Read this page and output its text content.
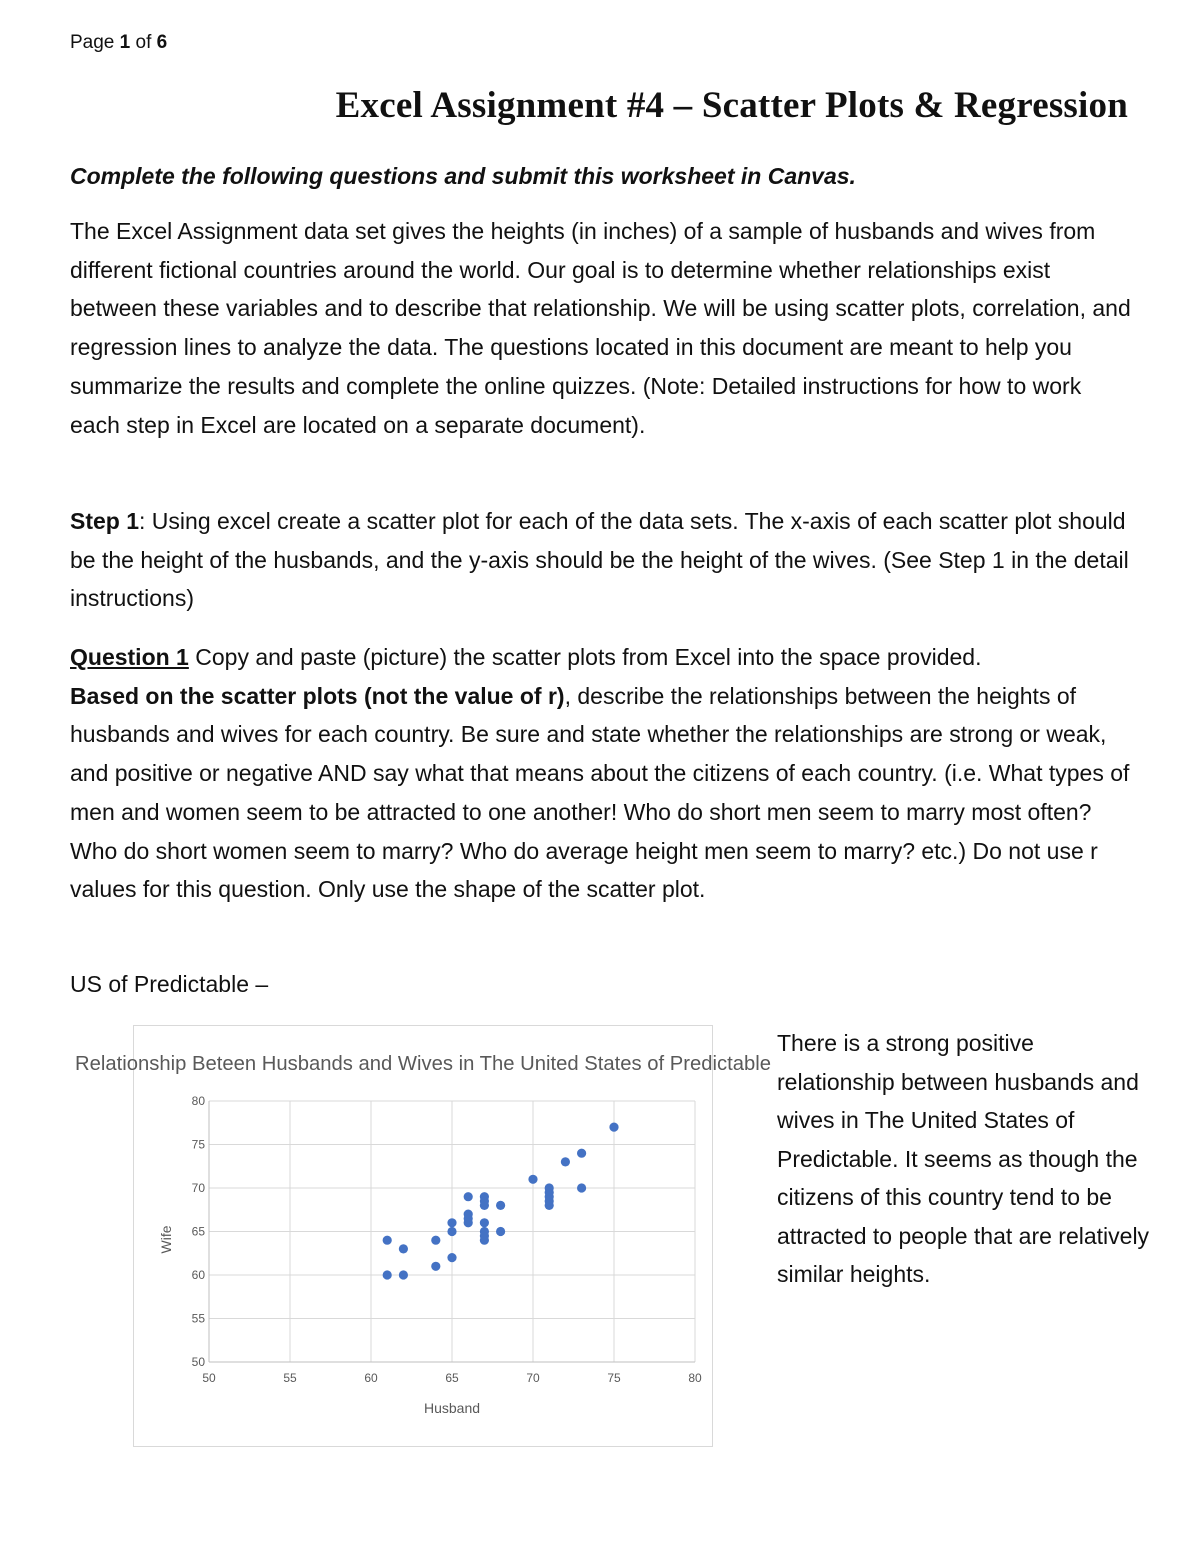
Page 1 of 6
Excel Assignment #4 – Scatter Plots & Regression
Complete the following questions and submit this worksheet in Canvas.
The Excel Assignment data set gives the heights (in inches) of a sample of husbands and wives from different fictional countries around the world. Our goal is to determine whether relationships exist between these variables and to describe that relationship. We will be using scatter plots, correlation, and regression lines to analyze the data. The questions located in this document are meant to help you summarize the results and complete the online quizzes. (Note: Detailed instructions for how to work each step in Excel are located on a separate document).
Step 1: Using excel create a scatter plot for each of the data sets. The x-axis of each scatter plot should be the height of the husbands, and the y-axis should be the height of the wives. (See Step 1 in the detail instructions)
Question 1 Copy and paste (picture) the scatter plots from Excel into the space provided.
Based on the scatter plots (not the value of r), describe the relationships between the heights of husbands and wives for each country. Be sure and state whether the relationships are strong or weak, and positive or negative AND say what that means about the citizens of each country. (i.e. What types of men and women seem to be attracted to one another! Who do short men seem to marry most often? Who do short women seem to marry? Who do average height men seem to marry? etc.) Do not use r values for this question. Only use the shape of the scatter plot.
US of Predictable –
Relationship Beteen Husbands and Wives in The United States of Predictable
50	55	60	65	70	75	80
50
55
60
65
70
75
80
Husband
Wife
There is a strong positive relationship between husbands and wives in The United States of Predictable. It seems as though the citizens of this country tend to be attracted to people that are relatively similar heights.
